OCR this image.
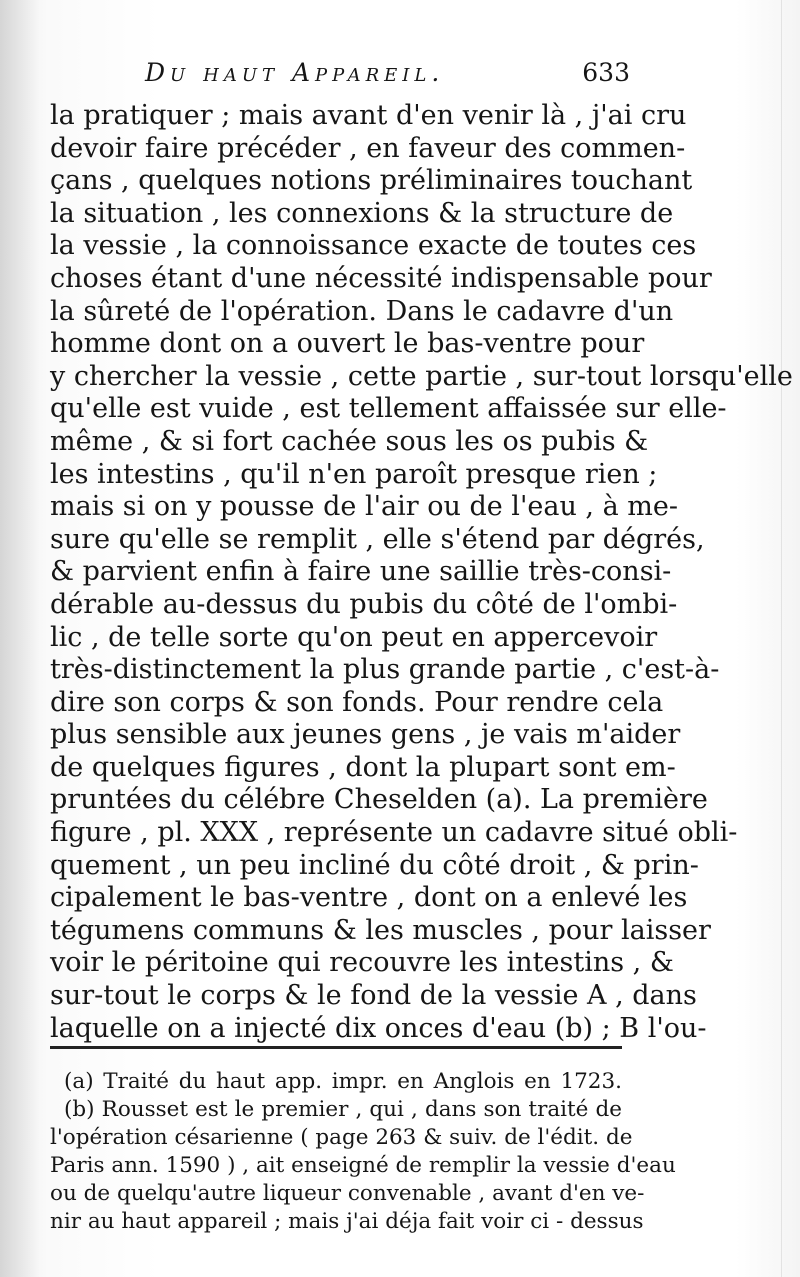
Du haut Appareil.	633
la pratiquer ; mais avant d'en venir là , j'ai cru
devoir faire précéder , en faveur des commen-
çans , quelques notions préliminaires touchant
la situation , les connexions & la structure de
la vessie , la connoissance exacte de toutes ces
choses étant d'une nécessité indispensable pour
la sûreté de l'opération. Dans le cadavre d'un
homme dont on a ouvert le bas-ventre pour
y chercher la vessie , cette partie , sur-tout lorsqu'elle
qu'elle est vuide , est tellement affaissée sur elle-
même , & si fort cachée sous les os pubis &
les intestins , qu'il n'en paroît presque rien ;
mais si on y pousse de l'air ou de l'eau , à me-
sure qu'elle se remplit , elle s'étend par dégrés,
& parvient enfin à faire une saillie très-consi-
dérable au-dessus du pubis du côté de l'ombi-
lic , de telle sorte qu'on peut en appercevoir
très-distinctement la plus grande partie , c'est-à-
dire son corps & son fonds. Pour rendre cela
plus sensible aux jeunes gens , je vais m'aider
de quelques figures , dont la plupart sont em-
pruntées du célébre Cheselden (a). La première
figure , pl. XXX , représente un cadavre situé obli-
quement , un peu incliné du côté droit , & prin-
cipalement le bas-ventre , dont on a enlevé les
tégumens communs & les muscles , pour laisser
voir le péritoine qui recouvre les intestins , &
sur-tout le corps & le fond de la vessie A , dans
laquelle on a injecté dix onces d'eau (b) ; B l'ou-
(a) Traité du haut app. impr. en Anglois en 1723.
(b) Rousset est le premier , qui , dans son traité de
l'opération césarienne ( page 263 & suiv. de l'édit. de
Paris ann. 1590 ) , ait enseigné de remplir la vessie d'eau
ou de quelqu'autre liqueur convenable , avant d'en ve-
nir au haut appareil ; mais j'ai déja fait voir ci - dessus
